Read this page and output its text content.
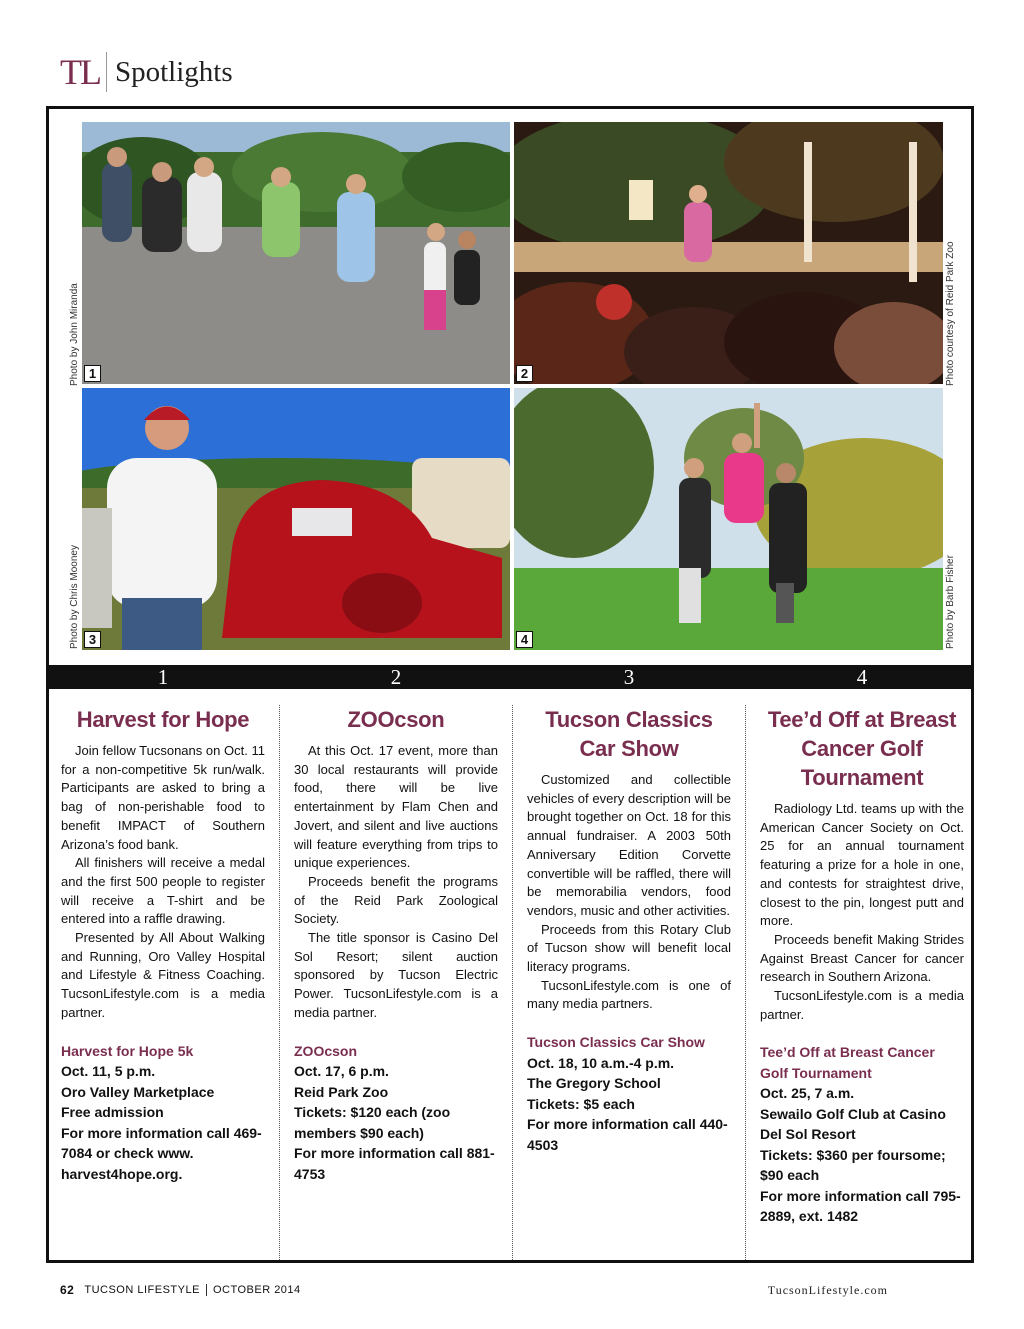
TL Spotlights
1	2
3	4
Photo by John Miranda
Photo by Chris Mooney
Photo courtesy of Reid Park Zoo
Photo by Barb Fisher
1	2	3	4
Harvest for Hope

Join fellow Tucsonans on Oct. 11 for a non-competitive 5k run/walk. Participants are asked to bring a bag of non-perishable food to benefit IMPACT of Southern Arizona’s food bank.

All finishers will receive a medal and the first 500 people to register will receive a T-shirt and be entered into a raffle drawing.

Presented by All About Walking and Running, Oro Valley Hospital and Lifestyle & Fitness Coaching. TucsonLifestyle.com is a media partner.

Harvest for Hope 5k
Oct. 11, 5 p.m.
Oro Valley Marketplace
Free admission
For more information call 469-7084 or check www. harvest4hope.org.
ZOOcson

At this Oct. 17 event, more than 30 local restaurants will provide food, there will be live entertainment by Flam Chen and Jovert, and silent and live auctions will feature everything from trips to unique experiences.

Proceeds benefit the programs of the Reid Park Zoological Society.

The title sponsor is Casino Del Sol Resort; silent auction sponsored by Tucson Electric Power. TucsonLifestyle.com is a media partner.

ZOOcson
Oct. 17, 6 p.m.
Reid Park Zoo
Tickets: $120 each (zoo members $90 each)
For more information call 881-4753
Tucson Classics Car Show

Customized and collectible vehicles of every description will be brought together on Oct. 18 for this annual fundraiser. A 2003 50th Anniversary Edition Corvette convertible will be raffled, there will be memorabilia vendors, food vendors, music and other activities.

Proceeds from this Rotary Club of Tucson show will benefit local literacy programs.

TucsonLifestyle.com is one of many media partners.

Tucson Classics Car Show
Oct. 18, 10 a.m.-4 p.m.
The Gregory School
Tickets: $5 each
For more information call 440-4503
Tee’d Off at Breast Cancer Golf Tournament

Radiology Ltd. teams up with the American Cancer Society on Oct. 25 for an annual tournament featuring a prize for a hole in one, and contests for straightest drive, closest to the pin, longest putt and more.

Proceeds benefit Making Strides Against Breast Cancer for cancer research in Southern Arizona.

TucsonLifestyle.com is a media partner.

Tee’d Off at Breast Cancer Golf Tournament
Oct. 25, 7 a.m.
Sewailo Golf Club at Casino Del Sol Resort
Tickets: $360 per foursome; $90 each
For more information call 795-2889, ext. 1482
62 TUCSON LIFESTYLE OCTOBER 2014	TucsonLifestyle.com
